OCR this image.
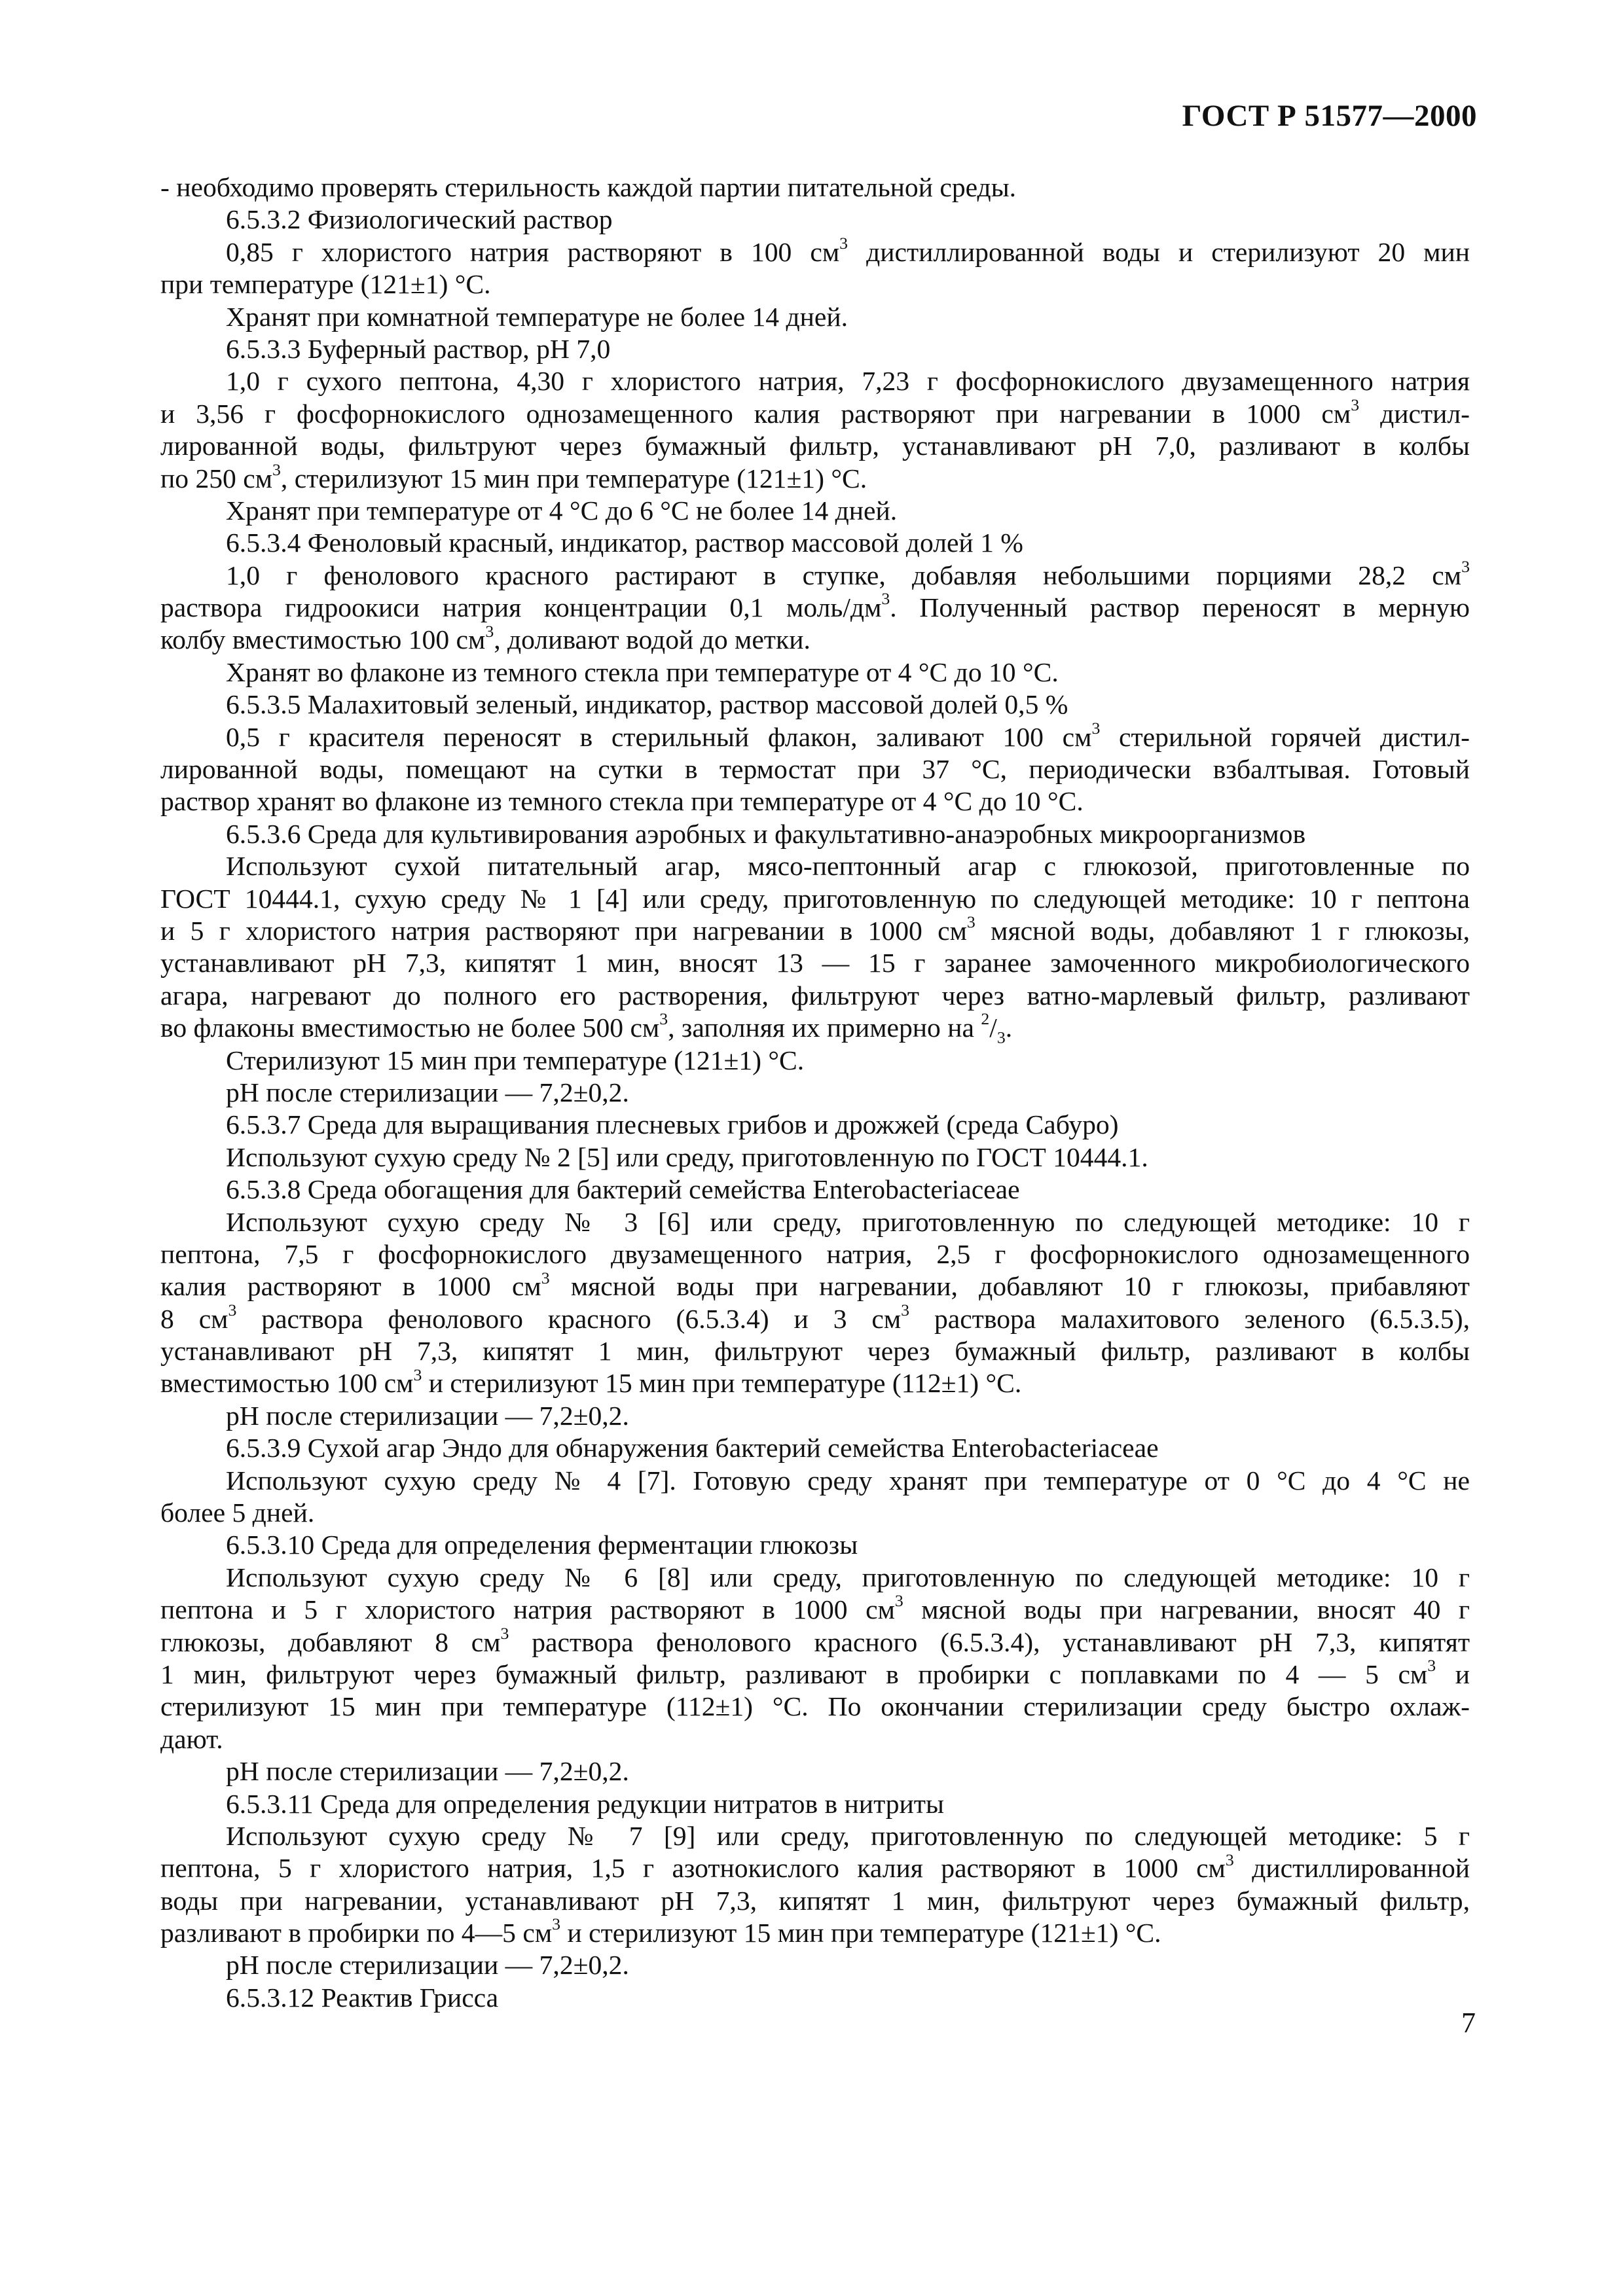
ГОСТ Р 51577—2000
- необходимо проверять стерильность каждой партии питательной среды.
6.5.3.2 Физиологический раствор
0,85 г хлористого натрия растворяют в 100 $см^3$ дистиллированной воды и стерилизуют 20 мин
при температуре (121±1) °С.
Хранят при комнатной температуре не более 14 дней.
6.5.3.3 Буферный раствор, рН 7,0
1,0 г сухого пептона, 4,30 г хлористого натрия, 7,23 г фосфорнокислого двузамещенного натрия
и 3,56 г фосфорнокислого однозамещенного калия растворяют при нагревании в 1000 $см^3$ дистил-
лированной воды, фильтруют через бумажный фильтр, устанавливают рН 7,0, разливают в колбы
по 250 $см^3$, стерилизуют 15 мин при температуре (121±1) °С.
Хранят при температуре от 4 °С до 6 °С не более 14 дней.
6.5.3.4 Феноловый красный, индикатор, раствор массовой долей 1 %
1,0 г фенолового красного растирают в ступке, добавляя небольшими порциями 28,2 $см^3$
раствора гидроокиси натрия концентрации 0,1 моль/$дм^3$. Полученный раствор переносят в мерную
колбу вместимостью 100 $см^3$, доливают водой до метки.
Хранят во флаконе из темного стекла при температуре от 4 °С до 10 °С.
6.5.3.5 Малахитовый зеленый, индикатор, раствор массовой долей 0,5 %
0,5 г красителя переносят в стерильный флакон, заливают 100 $см^3$ стерильной горячей дистил-
лированной воды, помещают на сутки в термостат при 37 °С, периодически взбалтывая. Готовый
раствор хранят во флаконе из темного стекла при температуре от 4 °С до 10 °С.
6.5.3.6 Среда для культивирования аэробных и факультативно-анаэробных микроорганизмов
Используют сухой питательный агар, мясо-пептонный агар с глюкозой, приготовленные по
ГОСТ 10444.1, сухую среду № 1 [4] или среду, приготовленную по следующей методике: 10 г пептона
и 5 г хлористого натрия растворяют при нагревании в 1000 $см^3$ мясной воды, добавляют 1 г глюкозы,
устанавливают рН 7,3, кипятят 1 мин, вносят 13 — 15 г заранее замоченного микробиологического
агара, нагревают до полного его растворения, фильтруют через ватно-марлевый фильтр, разливают
во флаконы вместимостью не более 500 $см^3$, заполняя их примерно на $^2/_3$.
Стерилизуют 15 мин при температуре (121±1) °С.
рН после стерилизации — 7,2±0,2.
6.5.3.7 Среда для выращивания плесневых грибов и дрожжей (среда Сабуро)
Используют сухую среду № 2 [5] или среду, приготовленную по ГОСТ 10444.1.
6.5.3.8 Среда обогащения для бактерий семейства Enterobacteriaceae
Используют сухую среду № 3 [6] или среду, приготовленную по следующей методике: 10 г
пептона, 7,5 г фосфорнокислого двузамещенного натрия, 2,5 г фосфорнокислого однозамещенного
калия растворяют в 1000 $см^3$ мясной воды при нагревании, добавляют 10 г глюкозы, прибавляют
8 $см^3$ раствора фенолового красного (6.5.3.4) и 3 $см^3$ раствора малахитового зеленого (6.5.3.5),
устанавливают рН 7,3, кипятят 1 мин, фильтруют через бумажный фильтр, разливают в колбы
вместимостью 100 $см^3$ и стерилизуют 15 мин при температуре (112±1) °С.
рН после стерилизации — 7,2±0,2.
6.5.3.9 Сухой агар Эндо для обнаружения бактерий семейства Enterobacteriaceae
Используют сухую среду № 4 [7]. Готовую среду хранят при температуре от 0 °С до 4 °С не
более 5 дней.
6.5.3.10 Среда для определения ферментации глюкозы
Используют сухую среду № 6 [8] или среду, приготовленную по следующей методике: 10 г
пептона и 5 г хлористого натрия растворяют в 1000 $см^3$ мясной воды при нагревании, вносят 40 г
глюкозы, добавляют 8 $см^3$ раствора фенолового красного (6.5.3.4), устанавливают рН 7,3, кипятят
1 мин, фильтруют через бумажный фильтр, разливают в пробирки с поплавками по 4 — 5 $см^3$ и
стерилизуют 15 мин при температуре (112±1) °С. По окончании стерилизации среду быстро охлаж-
дают.
рН после стерилизации — 7,2±0,2.
6.5.3.11 Среда для определения редукции нитратов в нитриты
Используют сухую среду № 7 [9] или среду, приготовленную по следующей методике: 5 г
пептона, 5 г хлористого натрия, 1,5 г азотнокислого калия растворяют в 1000 $см^3$ дистиллированной
воды при нагревании, устанавливают рН 7,3, кипятят 1 мин, фильтруют через бумажный фильтр,
разливают в пробирки по 4—5 $см^3$ и стерилизуют 15 мин при температуре (121±1) °С.
рН после стерилизации — 7,2±0,2.
6.5.3.12 Реактив Грисса
7
